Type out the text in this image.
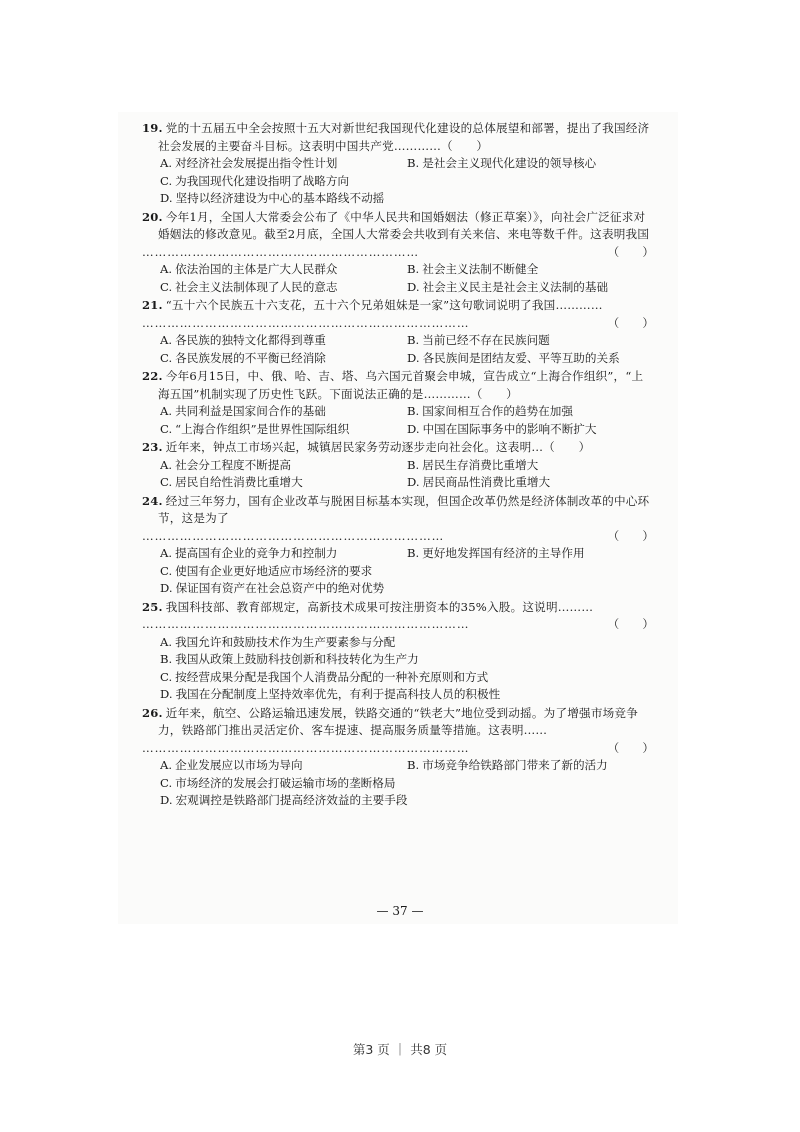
19. 党的十五届五中全会按照十五大对新世纪我国现代化建设的总体展望和部署，提出了我国经济社会发展的主要奋斗目标。这表明中国共产党…………（　　）
A. 对经济社会发展提出指令性计划	B. 是社会主义现代化建设的领导核心
C. 为我国现代化建设指明了战略方向
D. 坚持以经济建设为中心的基本路线不动摇
20. 今年1月，全国人大常委会公布了《中华人民共和国婚姻法（修正草案）》，向社会广泛征求对婚姻法的修改意见。截至2月底，全国人大常委会共收到有关来信、来电等数千件。这表明我国
…………………………………………………………	（　　）
A. 依法治国的主体是广大人民群众	B. 社会主义法制不断健全
C. 社会主义法制体现了人民的意志	D. 社会主义民主是社会主义法制的基础
21. “五十六个民族五十六支花，五十六个兄弟姐妹是一家”这句歌词说明了我国…………
……………………………………………………………………	（　　）
A. 各民族的独特文化都得到尊重	B. 当前已经不存在民族问题
C. 各民族发展的不平衡已经消除	D. 各民族间是团结友爱、平等互助的关系
22. 今年6月15日，中、俄、哈、吉、塔、乌六国元首聚会申城，宣告成立“上海合作组织”，“上海五国”机制实现了历史性飞跃。下面说法正确的是…………（　　）
A. 共同利益是国家间合作的基础	B. 国家间相互合作的趋势在加强
C. “上海合作组织”是世界性国际组织	D. 中国在国际事务中的影响不断扩大
23. 近年来，钟点工市场兴起，城镇居民家务劳动逐步走向社会化。这表明…（　　）
A. 社会分工程度不断提高	B. 居民生存消费比重增大
C. 居民自给性消费比重增大	D. 居民商品性消费比重增大
24. 经过三年努力，国有企业改革与脱困目标基本实现，但国企改革仍然是经济体制改革的中心环节，这是为了
………………………………………………………………	（　　）
A. 提高国有企业的竞争力和控制力	B. 更好地发挥国有经济的主导作用
C. 使国有企业更好地适应市场经济的要求
D. 保证国有资产在社会总资产中的绝对优势
25. 我国科技部、教育部规定，高新技术成果可按注册资本的35%入股。这说明………
……………………………………………………………………	（　　）
A. 我国允许和鼓励技术作为生产要素参与分配
B. 我国从政策上鼓励科技创新和科技转化为生产力
C. 按经营成果分配是我国个人消费品分配的一种补充原则和方式
D. 我国在分配制度上坚持效率优先，有利于提高科技人员的积极性
26. 近年来，航空、公路运输迅速发展，铁路交通的“铁老大”地位受到动摇。为了增强市场竞争力，铁路部门推出灵活定价、客车提速、提高服务质量等措施。这表明……
……………………………………………………………………	（　　）
A. 企业发展应以市场为导向	B. 市场竞争给铁路部门带来了新的活力
C. 市场经济的发展会打破运输市场的垄断格局
D. 宏观调控是铁路部门提高经济效益的主要手段
— 37 —
第3 页 ｜ 共8 页
